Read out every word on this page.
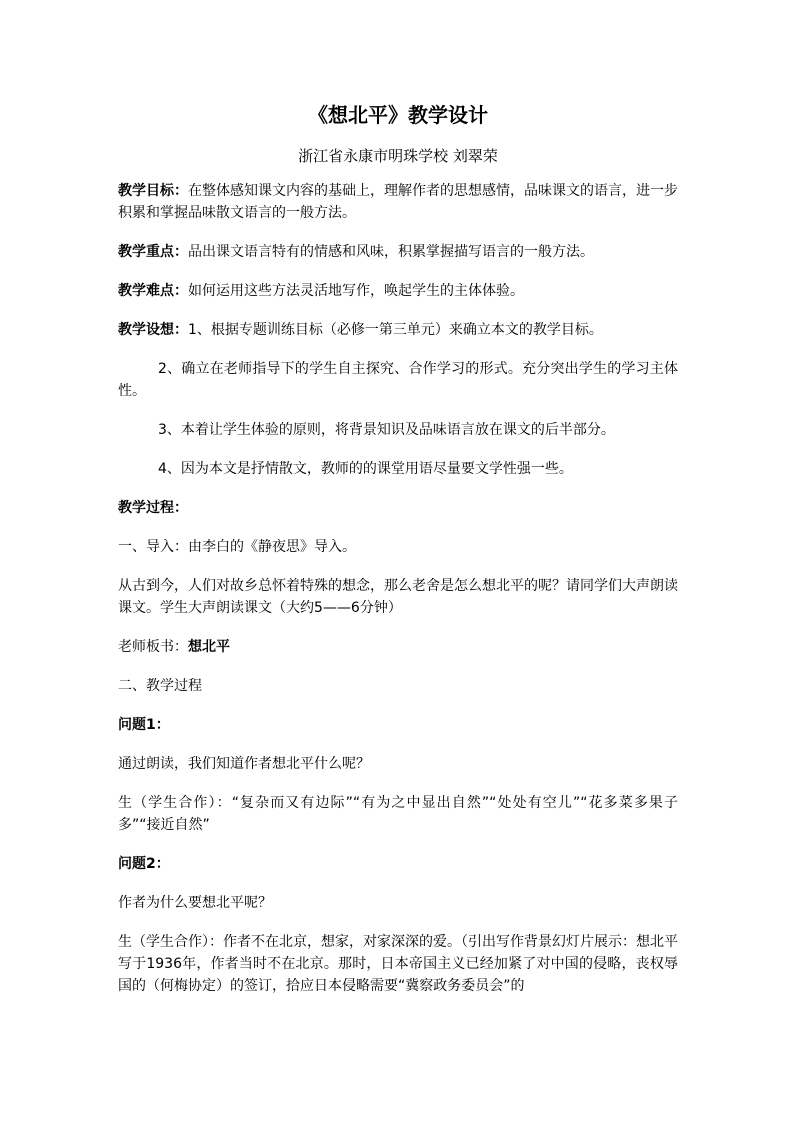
《想北平》教学设计
浙江省永康市明珠学校 刘翠荣

教学目标：在整体感知课文内容的基础上，理解作者的思想感情，品味课文的语言，进一步积累和掌握品味散文语言的一般方法。

教学重点：品出课文语言特有的情感和风味，积累掌握描写语言的一般方法。

教学难点：如何运用这些方法灵活地写作，唤起学生的主体体验。

教学设想：1、根据专题训练目标（必修一第三单元）来确立本文的教学目标。

2、确立在老师指导下的学生自主探究、合作学习的形式。充分突出学生的学习主体性。

3、本着让学生体验的原则，将背景知识及品味语言放在课文的后半部分。

4、因为本文是抒情散文，教师的的课堂用语尽量要文学性强一些。

教学过程：

一、导入：由李白的《静夜思》导入。

从古到今，人们对故乡总怀着特殊的想念，那么老舍是怎么想北平的呢？请同学们大声朗读课文。学生大声朗读课文（大约5——6分钟）

老师板书：想北平

二、教学过程

问题1：

通过朗读，我们知道作者想北平什么呢？

生（学生合作）：“复杂而又有边际”“有为之中显出自然”“处处有空儿”“花多菜多果子多”“接近自然”

问题2：

作者为什么要想北平呢？

生（学生合作）：作者不在北京，想家，对家深深的爱。（引出写作背景幻灯片展示：想北平写于1936年，作者当时不在北京。那时，日本帝国主义已经加紧了对中国的侵略，丧权辱国的（何梅协定）的签订，拾应日本侵略需要“冀察政务委员会”的
